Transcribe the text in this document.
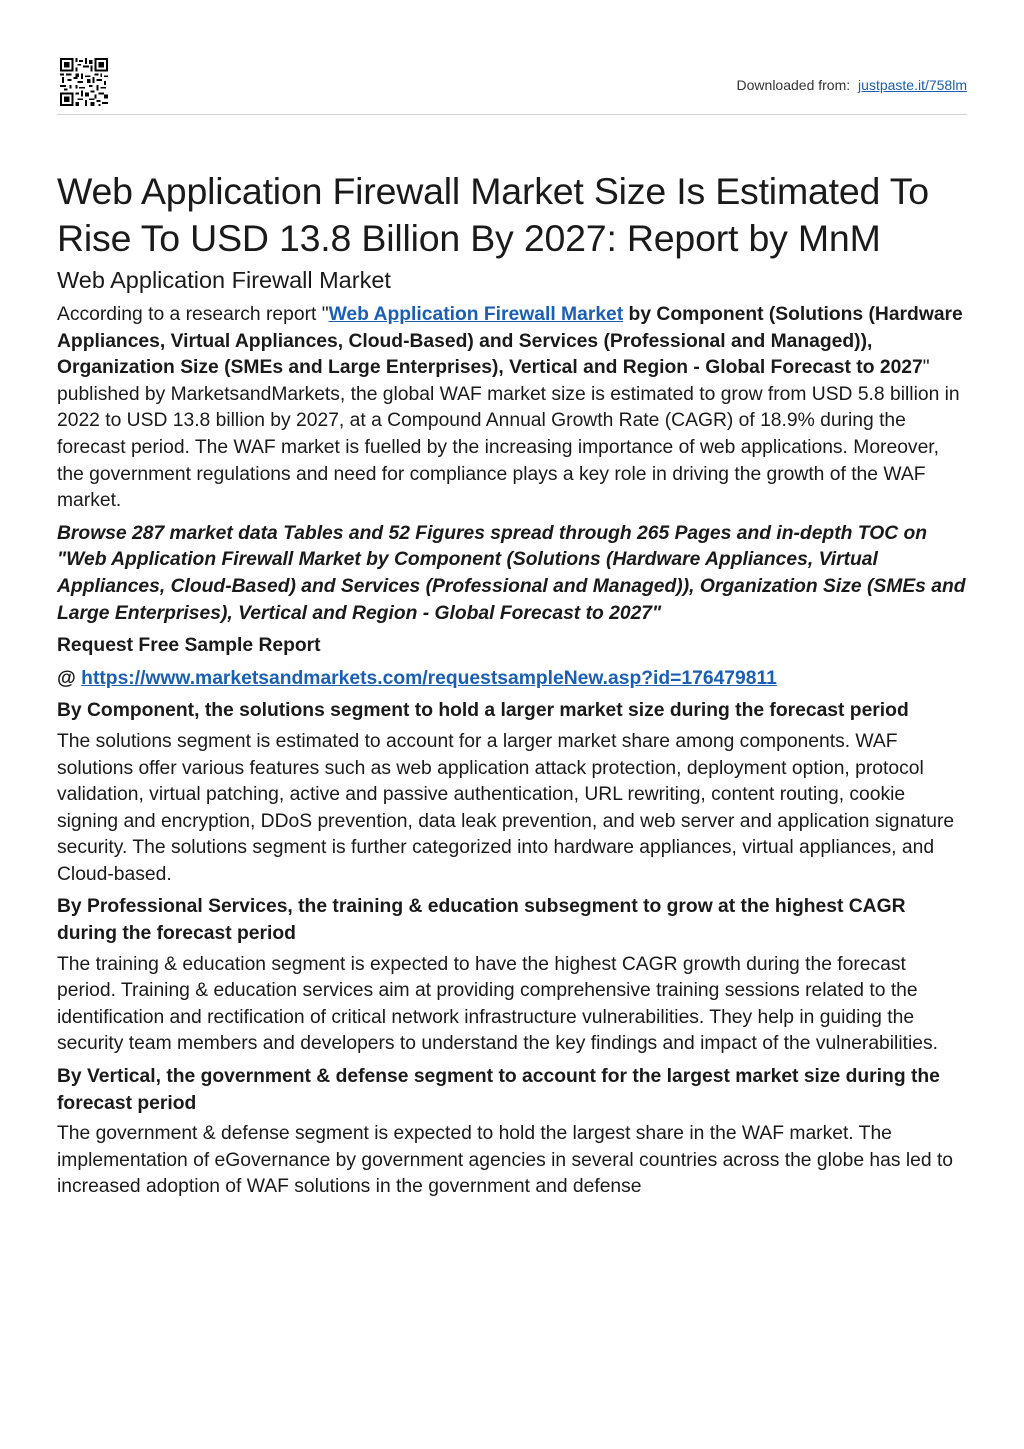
Downloaded from: justpaste.it/758lm
Web Application Firewall Market Size Is Estimated To Rise To USD 13.8 Billion By 2027: Report by MnM
Web Application Firewall Market

According to a research report "Web Application Firewall Market by Component (Solutions (Hardware Appliances, Virtual Appliances, Cloud-Based) and Services (Professional and Managed)), Organization Size (SMEs and Large Enterprises), Vertical and Region - Global Forecast to 2027" published by MarketsandMarkets, the global WAF market size is estimated to grow from USD 5.8 billion in 2022 to USD 13.8 billion by 2027, at a Compound Annual Growth Rate (CAGR) of 18.9% during the forecast period. The WAF market is fuelled by the increasing importance of web applications. Moreover, the government regulations and need for compliance plays a key role in driving the growth of the WAF market.

Browse 287 market data Tables and 52 Figures spread through 265 Pages and in-depth TOC on "Web Application Firewall Market by Component (Solutions (Hardware Appliances, Virtual Appliances, Cloud-Based) and Services (Professional and Managed)), Organization Size (SMEs and Large Enterprises), Vertical and Region - Global Forecast to 2027"

Request Free Sample Report

@ https://www.marketsandmarkets.com/requestsampleNew.asp?id=176479811

By Component, the solutions segment to hold a larger market size during the forecast period

The solutions segment is estimated to account for a larger market share among components. WAF solutions offer various features such as web application attack protection, deployment option, protocol validation, virtual patching, active and passive authentication, URL rewriting, content routing, cookie signing and encryption, DDoS prevention, data leak prevention, and web server and application signature security. The solutions segment is further categorized into hardware appliances, virtual appliances, and Cloud-based.

By Professional Services, the training & education subsegment to grow at the highest CAGR during the forecast period

The training & education segment is expected to have the highest CAGR growth during the forecast period. Training & education services aim at providing comprehensive training sessions related to the identification and rectification of critical network infrastructure vulnerabilities. They help in guiding the security team members and developers to understand the key findings and impact of the vulnerabilities.

By Vertical, the government & defense segment to account for the largest market size during the forecast period

The government & defense segment is expected to hold the largest share in the WAF market. The implementation of eGovernance by government agencies in several countries across the globe has led to increased adoption of WAF solutions in the government and defense
